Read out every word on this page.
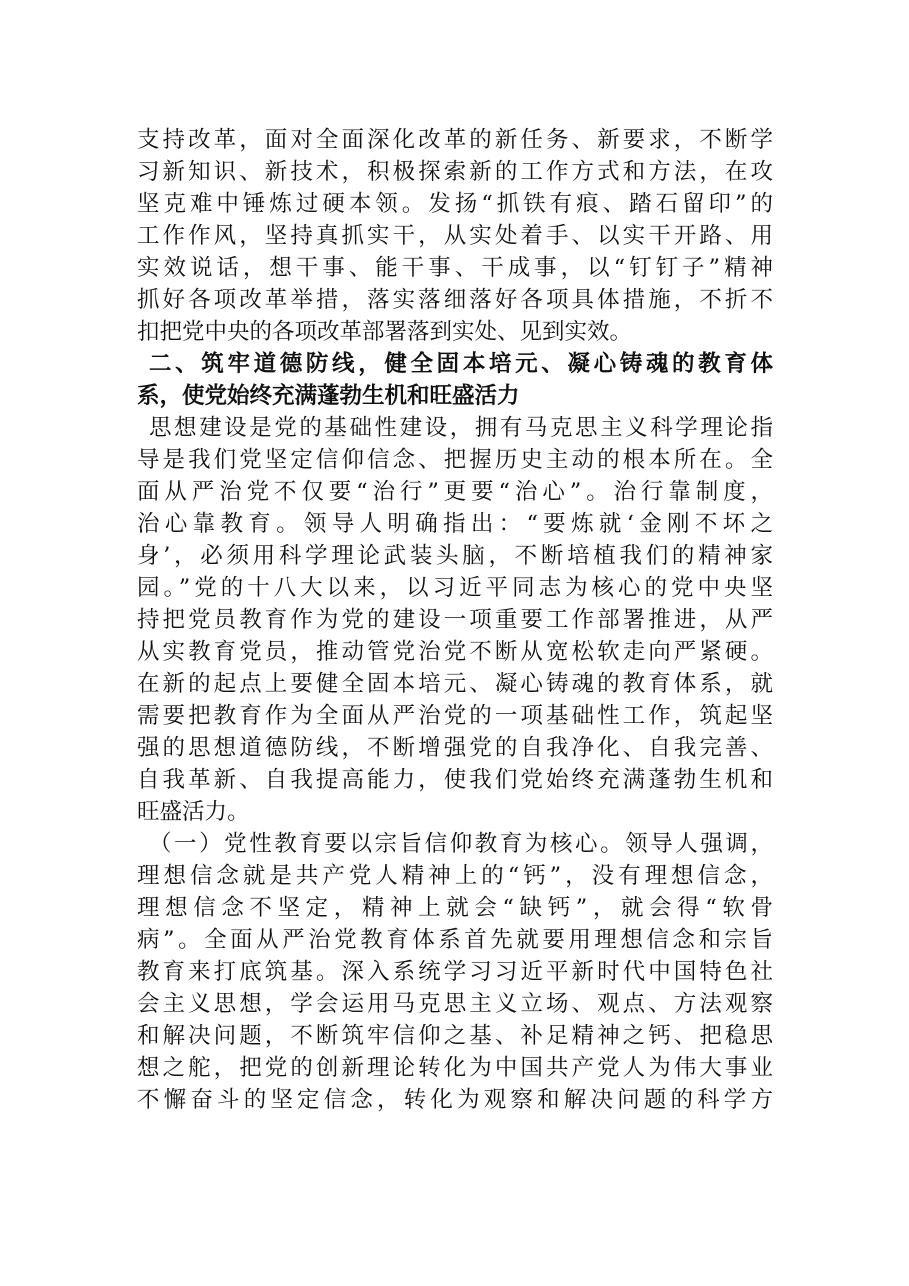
支持改革，面对全面深化改革的新任务、新要求，不断学
习新知识、新技术，积极探索新的工作方式和方法，在攻
坚克难中锤炼过硬本领。发扬“抓铁有痕、踏石留印”的
工作作风，坚持真抓实干，从实处着手、以实干开路、用
实效说话，想干事、能干事、干成事，以“钉钉子”精神
抓好各项改革举措，落实落细落好各项具体措施，不折不
扣把党中央的各项改革部署落到实处、见到实效。
二、筑牢道德防线，健全固本培元、凝心铸魂的教育体
系，使党始终充满蓬勃生机和旺盛活力
思想建设是党的基础性建设，拥有马克思主义科学理论指
导是我们党坚定信仰信念、把握历史主动的根本所在。全
面从严治党不仅要“治行”更要“治心”。治行靠制度，
治心靠教育。领导人明确指出：“要炼就‘金刚不坏之
身’，必须用科学理论武装头脑，不断培植我们的精神家
园。”党的十八大以来，以习近平同志为核心的党中央坚
持把党员教育作为党的建设一项重要工作部署推进，从严
从实教育党员，推动管党治党不断从宽松软走向严紧硬。
在新的起点上要健全固本培元、凝心铸魂的教育体系，就
需要把教育作为全面从严治党的一项基础性工作，筑起坚
强的思想道德防线，不断增强党的自我净化、自我完善、
自我革新、自我提高能力，使我们党始终充满蓬勃生机和
旺盛活力。
（一）党性教育要以宗旨信仰教育为核心。领导人强调，
理想信念就是共产党人精神上的“钙”，没有理想信念，
理想信念不坚定，精神上就会“缺钙”，就会得“软骨
病”。全面从严治党教育体系首先就要用理想信念和宗旨
教育来打底筑基。深入系统学习习近平新时代中国特色社
会主义思想，学会运用马克思主义立场、观点、方法观察
和解决问题，不断筑牢信仰之基、补足精神之钙、把稳思
想之舵，把党的创新理论转化为中国共产党人为伟大事业
不懈奋斗的坚定信念，转化为观察和解决问题的科学方
